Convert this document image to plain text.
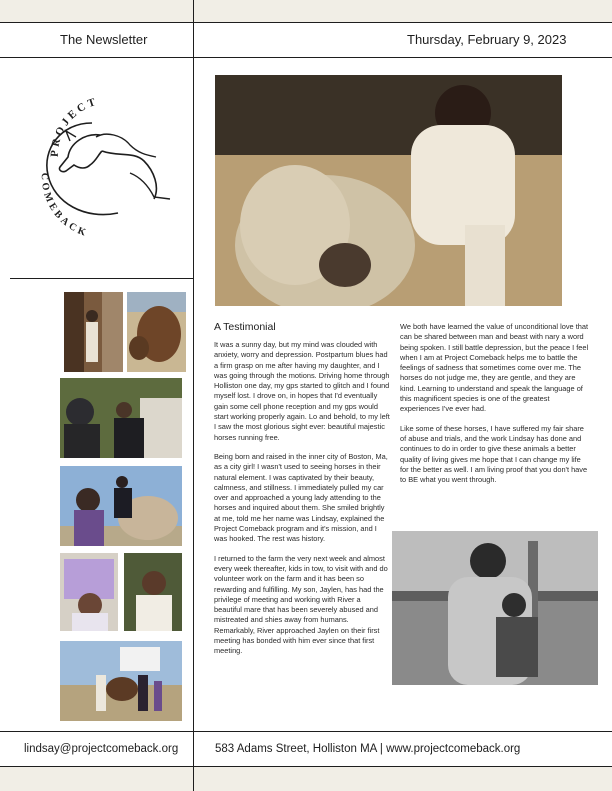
The Newsletter	Thursday, February 9, 2023
PROJECT
COMEBACK
A Testimonial

It was a sunny day, but my mind was clouded with anxiety, worry and depression. Postpartum blues had a firm grasp on me after having my daughter, and I was going through the motions. Driving home through Holliston one day, my gps started to glitch and I found myself lost. I drove on, in hopes that I'd eventually gain some cell phone reception and my gps would start working properly again. Lo and behold, to my left I saw the most glorious sight ever: beautiful majestic horses running free.

Being born and raised in the inner city of Boston, Ma, as a city girl! I wasn't used to seeing horses in their natural element. I was captivated by their beauty, calmness, and stillness. I immediately pulled my car over and approached a young lady attending to the horses and inquired about them. She smiled brightly at me, told me her name was Lindsay, explained the Project Comeback program and it's mission, and I was hooked. The rest was history.

I returned to the farm the very next week and almost every week thereafter, kids in tow, to visit with and do volunteer work on the farm and it has been so rewarding and fulfilling. My son, Jaylen, has had the privilege of meeting and working with River a beautiful mare that has been severely abused and mistreated and shies away from humans. Remarkably, River approached Jaylen on their first meeting has bonded with him ever since that first meeting.

We both have learned the value of unconditional love that can be shared between man and beast with nary a word being spoken. I still battle depression, but the peace I feel when I am at Project Comeback helps me to battle the feelings of sadness that sometimes come over me. The horses do not judge me, they are gentle, and they are kind. Learning to understand and speak the language of this magnificent species is one of the greatest experiences I've ever had.

Like some of these horses, I have suffered my fair share of abuse and trials, and the work Lindsay has done and continues to do in order to give these animals a better quality of living gives me hope that I can change my life for the better as well. I am living proof that you don't have to BE what you went through.

lindsay@projectcomeback.org	583 Adams Street, Holliston MA | www.projectcomeback.org
